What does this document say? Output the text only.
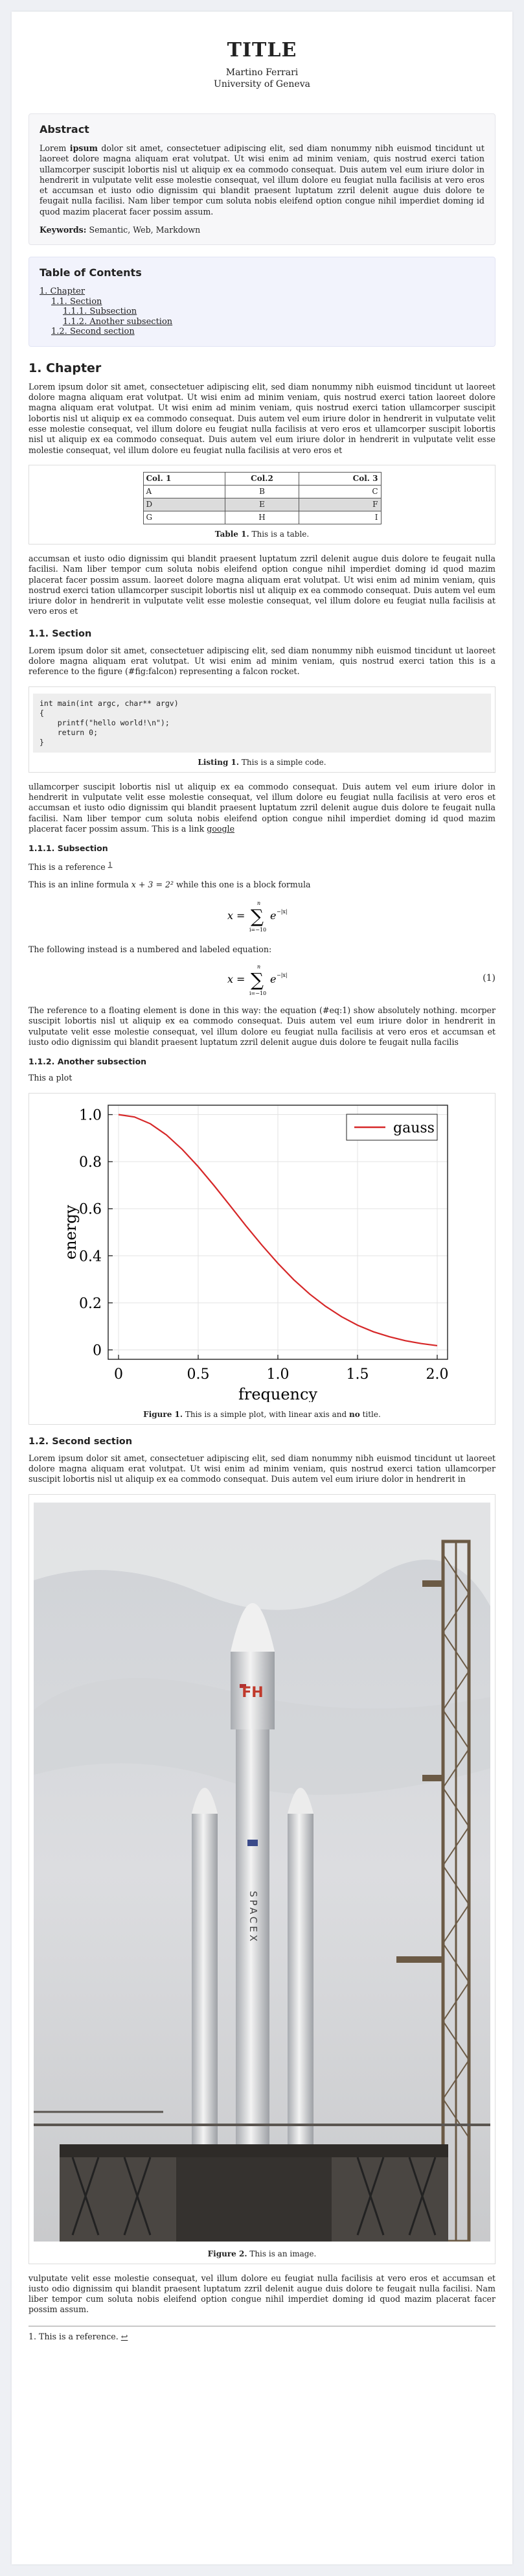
TITLE
Martino Ferrari
University of Geneva
Abstract

Lorem ipsum dolor sit amet, consectetuer adipiscing elit, sed diam nonummy nibh euismod tincidunt ut laoreet dolore magna aliquam erat volutpat. Ut wisi enim ad minim veniam, quis nostrud exerci tation ullamcorper suscipit lobortis nisl ut aliquip ex ea commodo consequat. Duis autem vel eum iriure dolor in hendrerit in vulputate velit esse molestie consequat, vel illum dolore eu feugiat nulla facilisis at vero eros et accumsan et iusto odio dignissim qui blandit praesent luptatum zzril delenit augue duis dolore te feugait nulla facilisi. Nam liber tempor cum soluta nobis eleifend option congue nihil imperdiet doming id quod mazim placerat facer possim assum.

Keywords: Semantic, Web, Markdown

Table of Contents
1. Chapter
1.1. Section
1.1.1. Subsection
1.1.2. Another subsection
1.2. Second section
1. Chapter

Lorem ipsum dolor sit amet, consectetuer adipiscing elit, sed diam nonummy nibh euismod tincidunt ut laoreet dolore magna aliquam erat volutpat. Ut wisi enim ad minim veniam, quis nostrud exerci tation laoreet dolore magna aliquam erat volutpat. Ut wisi enim ad minim veniam, quis nostrud exerci tation ullamcorper suscipit lobortis nisl ut aliquip ex ea commodo consequat. Duis autem vel eum iriure dolor in hendrerit in vulputate velit esse molestie consequat, vel illum dolore eu feugiat nulla facilisis at vero eros et ullamcorper suscipit lobortis nisl ut aliquip ex ea commodo consequat. Duis autem vel eum iriure dolor in hendrerit in vulputate velit esse molestie consequat, vel illum dolore eu feugiat nulla facilisis at vero eros et

Col. 1	Col.2	Col. 3
A	B	C
D	E	F
G	H	I
Table 1. This is a table.

accumsan et iusto odio dignissim qui blandit praesent luptatum zzril delenit augue duis dolore te feugait nulla facilisi. Nam liber tempor cum soluta nobis eleifend option congue nihil imperdiet doming id quod mazim placerat facer possim assum. laoreet dolore magna aliquam erat volutpat. Ut wisi enim ad minim veniam, quis nostrud exerci tation ullamcorper suscipit lobortis nisl ut aliquip ex ea commodo consequat. Duis autem vel eum iriure dolor in hendrerit in vulputate velit esse molestie consequat, vel illum dolore eu feugiat nulla facilisis at vero eros et

1.1. Section

Lorem ipsum dolor sit amet, consectetuer adipiscing elit, sed diam nonummy nibh euismod tincidunt ut laoreet dolore magna aliquam erat volutpat. Ut wisi enim ad minim veniam, quis nostrud exerci tation this is a reference to the figure (#fig:falcon) representing a falcon rocket.

int main(int argc, char** argv)
{
printf("hello world!\n");
return 0;
}
Listing 1. This is a simple code.

ullamcorper suscipit lobortis nisl ut aliquip ex ea commodo consequat. Duis autem vel eum iriure dolor in hendrerit in vulputate velit esse molestie consequat, vel illum dolore eu feugiat nulla facilisis at vero eros et accumsan et iusto odio dignissim qui blandit praesent luptatum zzril delenit augue duis dolore te feugait nulla facilisi. Nam liber tempor cum soluta nobis eleifend option congue nihil imperdiet doming id quod mazim placerat facer possim assum. This is a link google

1.1.1. Subsection

This is a reference $^1$

This is an inline formula x + 3 = 2² while this one is a block formula

x =
n
∑
i=−10
e −|x|

The following instead is a numbered and labeled equation:

x =
n
∑
i=−10
e −|x|	(1)

The reference to a floating element is done in this way: the equation (#eq:1) show absolutely nothing. mcorper suscipit lobortis nisl ut aliquip ex ea commodo consequat. Duis autem vel eum iriure dolor in hendrerit in vulputate velit esse molestie consequat, vel illum dolore eu feugiat nulla facilisis at vero eros et accumsan et iusto odio dignissim qui blandit praesent luptatum zzril delenit augue duis dolore te feugait nulla facilis

1.1.2. Another subsection

This a plot

0	0.5	1.0	1.5	2.0
0
0.2
0.4
0.6
0.8
1.0
frequency
energy
gauss
Figure 1. This is a simple plot, with linear axis and no title.
1.2. Second section

Lorem ipsum dolor sit amet, consectetuer adipiscing elit, sed diam nonummy nibh euismod tincidunt ut laoreet dolore magna aliquam erat volutpat. Ut wisi enim ad minim veniam, quis nostrud exerci tation ullamcorper suscipit lobortis nisl ut aliquip ex ea commodo consequat. Duis autem vel eum iriure dolor in hendrerit in

FH
SPACEX
Figure 2. This is an image.

vulputate velit esse molestie consequat, vel illum dolore eu feugiat nulla facilisis at vero eros et accumsan et iusto odio dignissim qui blandit praesent luptatum zzril delenit augue duis dolore te feugait nulla facilisi. Nam liber tempor cum soluta nobis eleifend option congue nihil imperdiet doming id quod mazim placerat facer possim assum.

1. This is a reference. ↩
